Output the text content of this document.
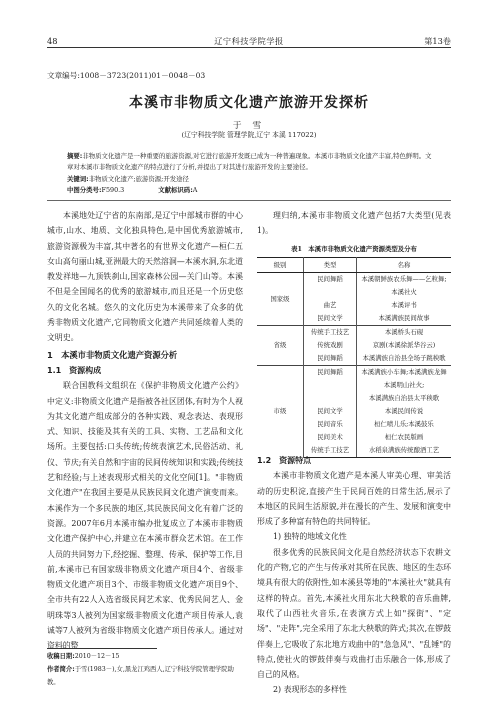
48	辽宁科技学院学报	第13卷
文章编号:1008－3723(2011)01－0048－03
本溪市非物质文化遗产旅游开发探析
于 雪
(辽宁科技学院 管理学院,辽宁 本溪 117022)
摘要:非物质文化遗产是一种重要的旅游资源,对它进行旅游开发既已成为一种普遍现象。本溪市非物质文化遗产丰富,特色鲜明。文章对本溪市非物质文化遗产的特点进行了分析,并提出了对其进行旅游开发的主要途径。
关键词:非物质文化遗产;旅游资源;开发途径
中图分类号:F590.3	文献标识码:A

本溪地处辽宁省的东南部,是辽宁中部城市群的中心城市,山水、地质、文化独具特色,是中国优秀旅游城市,旅游资源极为丰富,其中著名的有世界文化遗产—桓仁五女山高句丽山城,亚洲最大的天然溶洞—本溪水洞,东北道教发祥地—九顶铁刹山,国家森林公园—关门山等。本溪不但是全国闻名的优秀的旅游城市,而且还是一个历史悠久的文化名城。悠久的文化历史为本溪带来了众多的优秀非物质文化遗产,它同物质文化遗产共同延续着人类的文明史。

1　本溪市非物质文化遗产资源分析

1.1　资源构成

联合国教科文组织在《保护非物质文化遗产公约》中定义:非物质文化遗产是指被各社区团体,有时为个人视为其文化遗产组成部分的各种实践、观念表达、表现形式、知识、技能及其有关的工具、实物、工艺品和文化场所。主要包括:口头传统;传统表演艺术,民俗活动、礼仪、节庆;有关自然和宇宙的民间传统知识和实践;传统技艺和经验;与上述表现形式相关的文化空间[1]。"非物质文化遗产"在我国主要是从民族民间文化遗产演变而来。本溪作为一个多民族的地区,其民族民间文化有着广泛的资源。2007年6月本溪市编办批复成立了本溪市非物质文化遗产保护中心,并建立在本溪市群众艺术馆。在工作人员的共同努力下,经挖掘、整理、传承、保护等工作,目前,本溪市已有国家级非物质文化遗产项目4个、省级非物质文化遗产项目3个、市级非物质文化遗产项目9个、全市共有22人入选省级民间艺术家、优秀民间艺人、金明珠等3人被列为国家级非物质文化遗产项目传承人,袁诚等7人被列为省级非物质文化遗产项目传承人。通过对资料的整

收稿日期:2010－12－15
作者简介:于雪(1983－),女,黑龙江鸡西人,辽宁科技学院管理学院助教。

理归纳,本溪市非物质文化遗产包括7大类型(见表1)。

表1　本溪市非物质文化遗产资源类型及分布
级别	类型	名称
国家级	民间舞蹈	本溪朝鲜族农乐舞——乞粒舞;
		本溪社火
	曲艺	本溪评书
	民间文学	本溪满族民间故事
省级	传统手工技艺	本溪桥头石砚
	传统戏剧	京剧(本溪徐派华谷云)
	民间舞蹈	本溪满族自治县全场子跳秧歌
市级	民间舞蹈	本溪满族小车舞;本溪满族龙舞
		本溪明山社火;
		本溪满族自治县太平秧歌
	民间文学	本溪民间传说
	民间音乐	桓仁喷儿乐;本溪鼓乐
	民间美术	桓仁农民版画
	传统手工技艺	水稻泉满族传统酿酒工艺

1.2　资源特点

本溪市非物质文化遗产是本溪人审美心理、审美活动的历史积淀,直接产生于民间百姓的日常生活,展示了本地区的民间生活原貌,并在漫长的产生、发展和演变中形成了多种富有特色的共同特征。

1) 独特的地域文化性

很多优秀的民族民间文化是自然经济状态下农耕文化的产物,它的产生与传承对其所在民族、地区的生态环境具有很大的依附性,如本溪县等地的"本溪社火"就具有这样的特点。首先,本溪社火用东北大秧歌的音乐曲牌,取代了山西社火音乐,在表演方式上如"探街"、"定场"、"走阵",完全采用了东北大秧歌的阵式;其次,在锣鼓伴奏上,它吸收了东北地方戏曲中的"急急风"、"乱锤"的特点,使社火的锣鼓伴奏与戏曲打击乐融合一体,形成了自己的风格。

2) 表现形态的多样性
